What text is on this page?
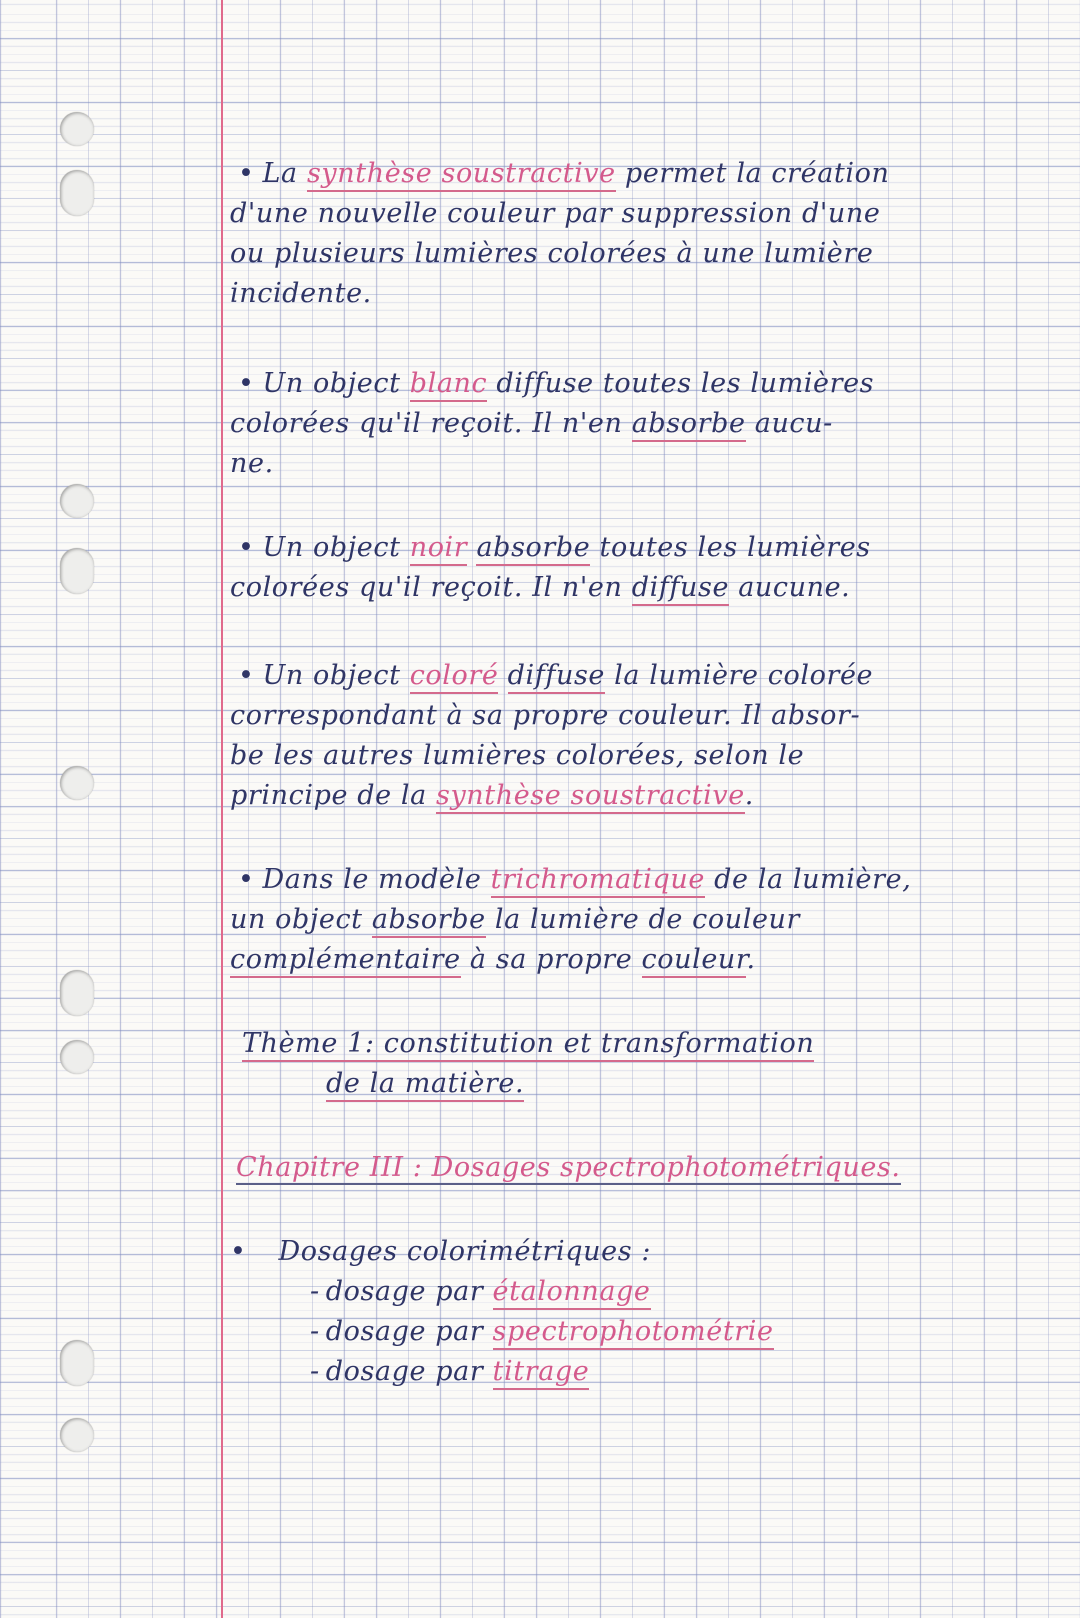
• La synthèse soustractive permet la création
d'une nouvelle couleur par suppression d'une
ou plusieurs lumières colorées à une lumière
incidente.
• Un object blanc diffuse toutes les lumières
colorées qu'il reçoit. Il n'en absorbe aucu-
ne.
• Un object noir absorbe toutes les lumières
colorées qu'il reçoit. Il n'en diffuse aucune.
• Un object coloré diffuse la lumière colorée
correspondant à sa propre couleur. Il absor-
be les autres lumières colorées, selon le
principe de la synthèse soustractive.
• Dans le modèle trichromatique de la lumière,
un object absorbe la lumière de couleur
complémentaire à sa propre couleur.
Thème 1: constitution et transformation
de la matière.
Chapitre III : Dosages spectrophotométriques.
• Dosages colorimétriques :
- dosage par étalonnage
- dosage par spectrophotométrie
- dosage par titrage
